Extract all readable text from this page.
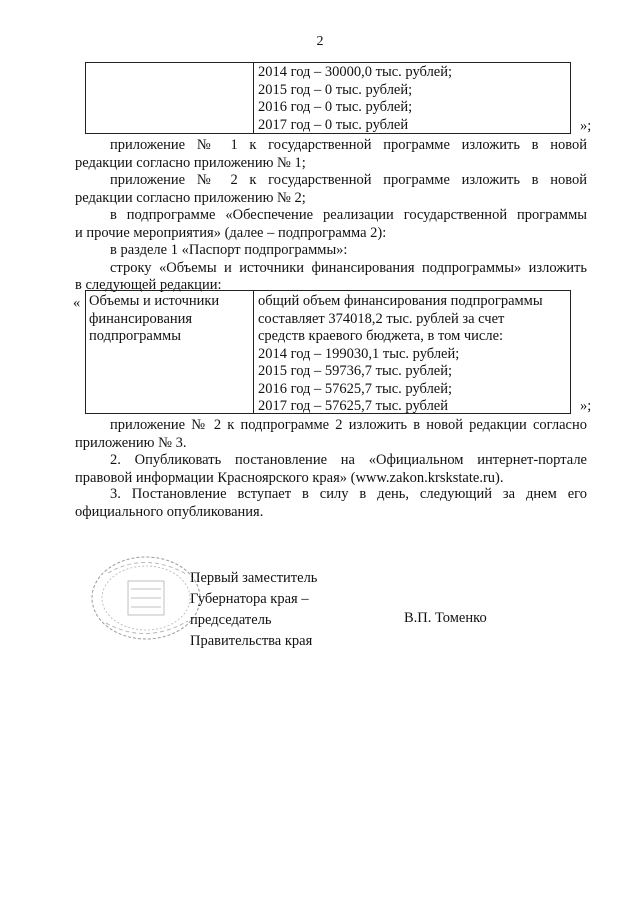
2
2014 год – 30000,0 тыс. рублей;
2015 год – 0 тыс. рублей;
2016 год – 0 тыс. рублей;
2017 год – 0 тыс. рублей	»;
приложение № 1 к государственной программе изложить в новой
редакции согласно приложению № 1;
приложение № 2 к государственной программе изложить в новой
редакции согласно приложению № 2;
в подпрограмме «Обеспечение реализации государственной программы
и прочие мероприятия» (далее – подпрограмма 2):
в разделе 1 «Паспорт подпрограммы»:
строку «Объемы и источники финансирования подпрограммы» изложить
в следующей редакции:
« Объемы и источники
финансирования
подпрограммы
общий объем финансирования подпрограммы
составляет 374018,2 тыс. рублей за счет
средств краевого бюджета, в том числе:
2014 год – 199030,1 тыс. рублей;
2015 год – 59736,7 тыс. рублей;
2016 год – 57625,7 тыс. рублей;
2017 год – 57625,7 тыс. рублей	»;
приложение № 2 к подпрограмме 2 изложить в новой редакции согласно
приложению № 3.
2. Опубликовать постановление на «Официальном интернет-портале
правовой информации Красноярского края» (www.zakon.krskstate.ru).
3. Постановление вступает в силу в день, следующий за днем его
официального опубликования.
Первый заместитель
Губернатора края –
председатель
Правительства края
В.П. Томенко
